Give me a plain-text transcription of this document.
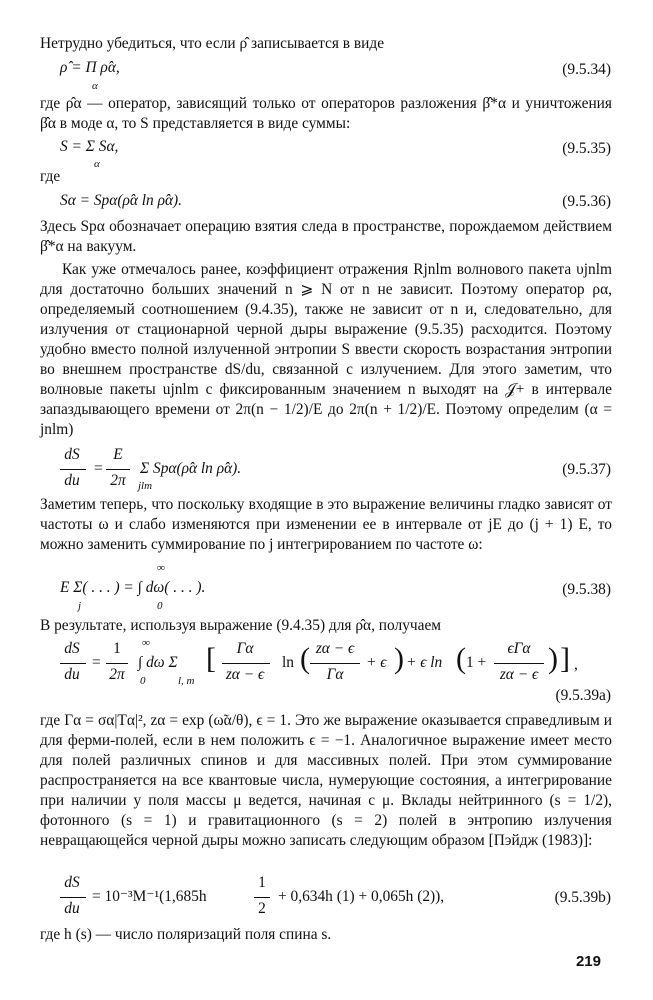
Нетрудно убедиться, что если ρ̂ записывается в виде
ρ̂ = Π ρ̂α,
α
(9.5.34)
где ρ̂α — оператор, зависящий только от операторов разложения β̂*α и уничтожения β̂α в моде α, то S представляется в виде суммы:
S = Σ Sα,
α
(9.5.35)
где
Sα = Spα(ρ̂α ln ρ̂α).	(9.5.36)
Здесь Spα обозначает операцию взятия следа в пространстве, порождаемом действием β̂*α на вакуум.
Как уже отмечалось ранее, коэффициент отражения Rjnlm волнового пакета υjnlm для достаточно больших значений n ⩾ N от n не зависит. Поэтому оператор ρα, определяемый соотношением (9.4.35), также не зависит от n и, следовательно, для излучения от стационарной черной дыры выражение (9.5.35) расходится. Поэтому удобно вместо полной излученной энтропии S ввести скорость возрастания энтропии во внешнем пространстве dS/du, связанной с излучением. Для этого заметим, что волновые пакеты ujnlm с фиксированным значением n выходят на 𝒥+ в интервале запаздывающего времени от 2π(n − 1/2)/E до 2π(n + 1/2)/E. Поэтому определим (α = jnlm)
dS
du
=
E
2π
Σ Spα(ρ̂α ln ρ̂α).
jlm
(9.5.37)
Заметим теперь, что поскольку входящие в это выражение величины гладко зависят от частоты ω и слабо изменяются при изменении ее в интервале от jE до (j + 1) E, то можно заменить суммирование по j интегрированием по частоте ω:
E Σ( . . . ) = ∫ dω( . . . ).
j
∞
0
(9.5.38)
В результате, используя выражение (9.4.35) для ρ̂α, получаем
dS
du
=
1
2π
∫ dω Σ
∞
0	l, m
[	Γα
zα − ϵ
ln ( zα − ϵ
Γα
+ ϵ ) + ϵ ln ( 1 +
ϵΓα
zα − ϵ ) ] ,
(9.5.39a)
где Γα = σα|Tα|², zα = exp (ω̃α/θ), ϵ = 1. Это же выражение оказывается справедливым и для ферми-полей, если в нем положить ϵ = −1. Аналогичное выражение имеет место для полей различных спинов и для массивных полей. При этом суммирование распространяется на все квантовые числа, нумерующие состояния, а интегрирование при наличии у поля массы μ ведется, начиная с μ. Вклады нейтринного (s = 1/2), фотонного (s = 1) и гравитационного (s = 2) полей в энтропию излучения невращающейся черной дыры можно записать следующим образом [Пэйдж (1983)]:
dS
du
= 10⁻³M⁻¹(1,685h
1
2
+ 0,634h (1) + 0,065h (2)),	(9.5.39b)
где h (s) — число поляризаций поля спина s.
219
